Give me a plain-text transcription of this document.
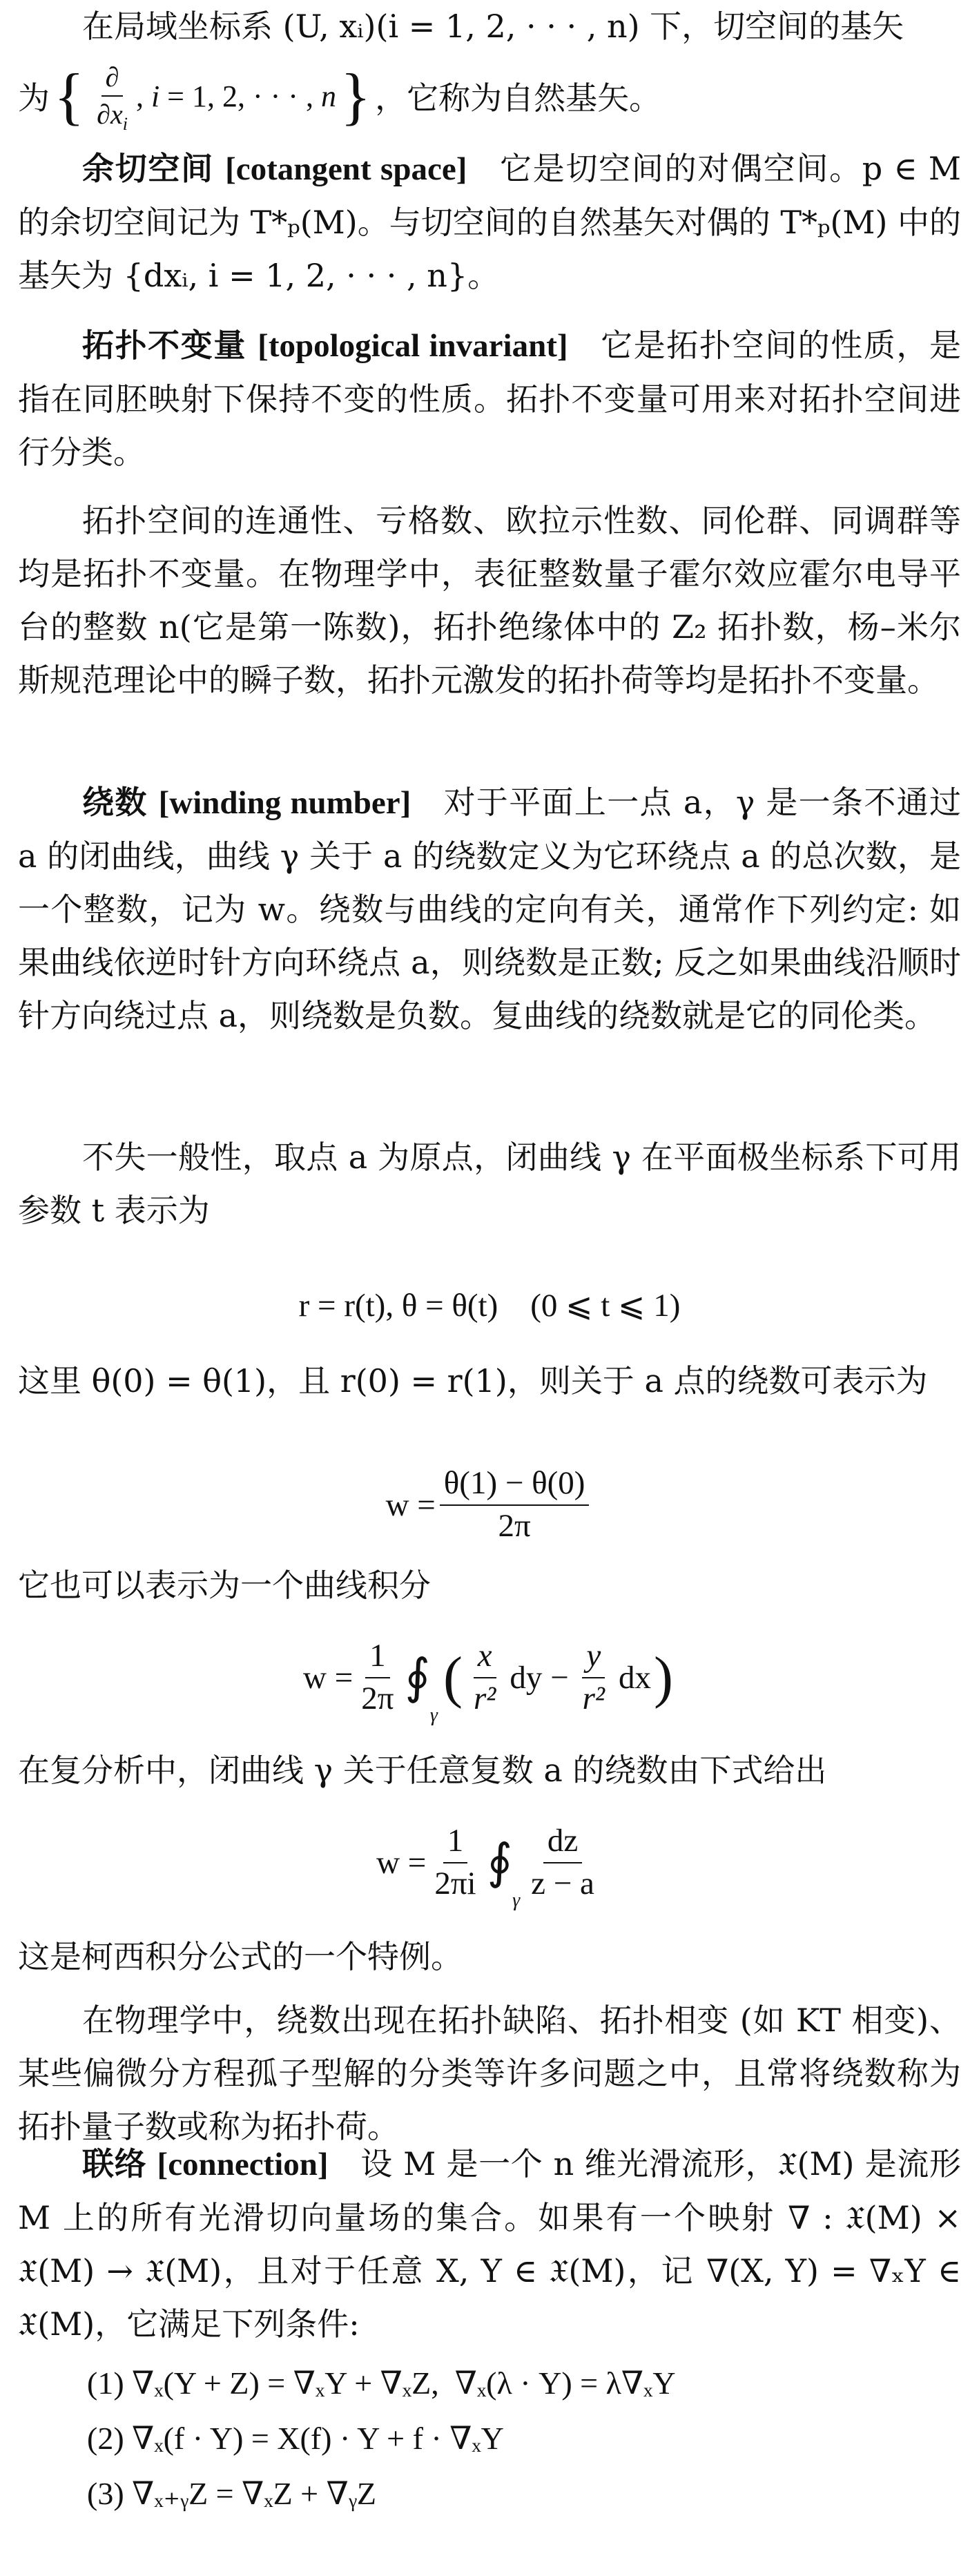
在局域坐标系 (U, xᵢ)(i = 1, 2, · · · , n) 下，切空间的基矢

为 { $\frac{\partial}{\partial x_i}$ , i = 1, 2, · · · , n } ，它称为自然基矢。

余切空间 [cotangent space] 它是切空间的对偶空间。p ∈ M 的余切空间记为 T*ₚ(M)。与切空间的自然基矢对偶的 T*ₚ(M) 中的基矢为 {dxᵢ, i = 1, 2, · · · , n}。

拓扑不变量 [topological invariant] 它是拓扑空间的性质，是指在同胚映射下保持不变的性质。拓扑不变量可用来对拓扑空间进行分类。

拓扑空间的连通性、亏格数、欧拉示性数、同伦群、同调群等均是拓扑不变量。在物理学中，表征整数量子霍尔效应霍尔电导平台的整数 n(它是第一陈数)，拓扑绝缘体中的 Z₂ 拓扑数，杨–米尔斯规范理论中的瞬子数，拓扑元激发的拓扑荷等均是拓扑不变量。

绕数 [winding number] 对于平面上一点 a，γ 是一条不通过 a 的闭曲线，曲线 γ 关于 a 的绕数定义为它环绕点 a 的总次数，是一个整数，记为 w。绕数与曲线的定向有关，通常作下列约定: 如果曲线依逆时针方向环绕点 a，则绕数是正数; 反之如果曲线沿顺时针方向绕过点 a，则绕数是负数。复曲线的绕数就是它的同伦类。

不失一般性，取点 a 为原点，闭曲线 γ 在平面极坐标系下可用参数 t 表示为

r = r(t), θ = θ(t)    (0 ⩽ t ⩽ 1)

这里 θ(0) = θ(1)，且 r(0) = r(1)，则关于 a 点的绕数可表示为

$w = \frac{\theta(1) - \theta(0)}{2\pi}$

它也可以表示为一个曲线积分

$w = \frac{1}{2\pi}$ $∮_\gamma$
( $\frac{x}{\text{r²}}$ dy − $\frac{y}{\text{r²}}$ dx )

在复分析中，闭曲线 γ 关于任意复数 a 的绕数由下式给出

$w = \frac{1}{2\pi i}$ $∮_\gamma \frac{dz}{z - a}$

这是柯西积分公式的一个特例。

在物理学中，绕数出现在拓扑缺陷、拓扑相变 (如 KT 相变)、某些偏微分方程孤子型解的分类等许多问题之中，且常将绕数称为拓扑量子数或称为拓扑荷。

联络 [connection] 设 M 是一个 n 维光滑流形，𝔛(M) 是流形 M 上的所有光滑切向量场的集合。如果有一个映射 ∇ : 𝔛(M) × 𝔛(M) → 𝔛(M)，且对于任意 X, Y ∈ 𝔛(M)，记 ∇(X, Y) = ∇ₓY ∈ 𝔛(M)，它满足下列条件:

(1) ∇ₓ(Y + Z) = ∇ₓY + ∇ₓZ,  ∇ₓ(λ · Y) = λ∇ₓY

(2) ∇ₓ(f · Y) = X(f) · Y + f · ∇ₓY

(3) ∇ₓ₊ᵧZ = ∇ₓZ + ∇ᵧZ
